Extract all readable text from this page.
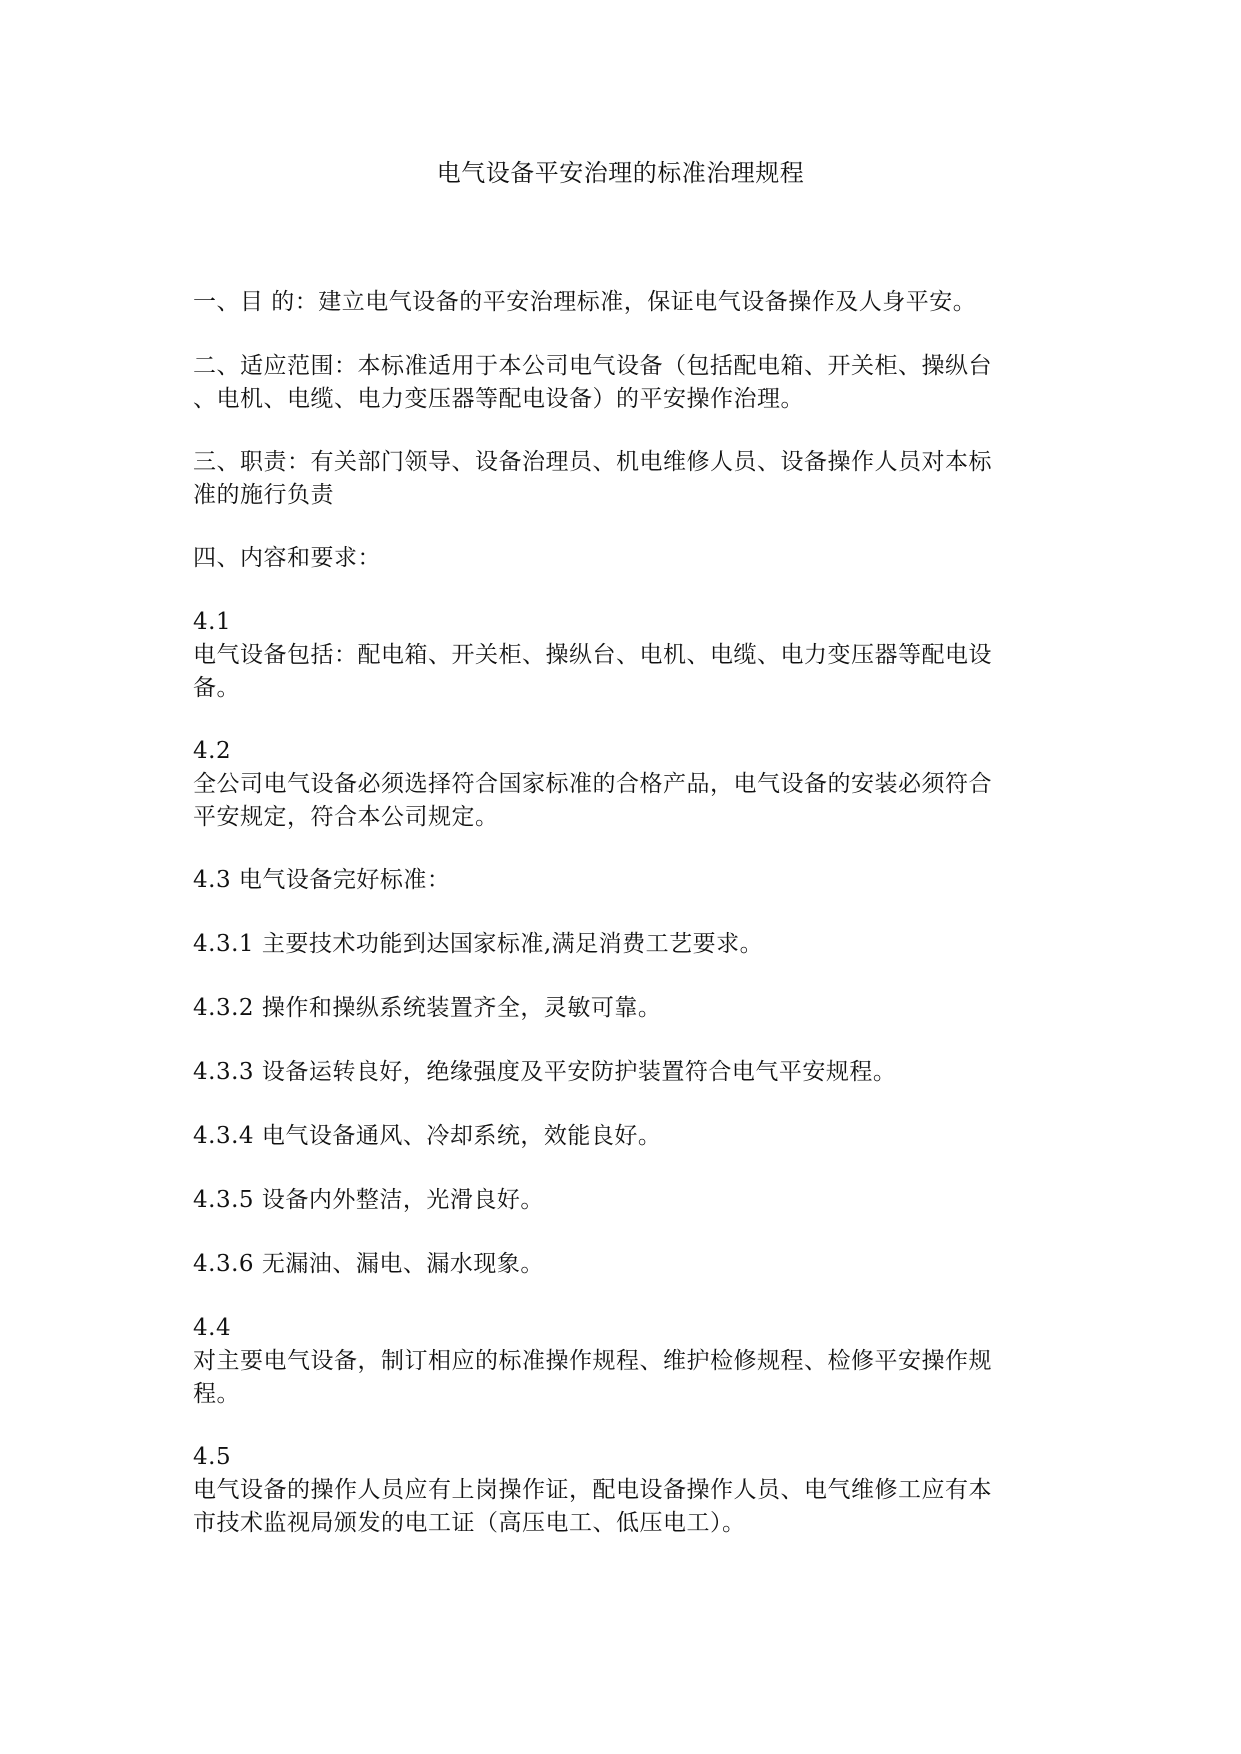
电气设备平安治理的标准治理规程
一、目 的：建立电气设备的平安治理标准，保证电气设备操作及人身平安。
二、适应范围：本标准适用于本公司电气设备（包括配电箱、开关柜、操纵台
、电机、电缆、电力变压器等配电设备）的平安操作治理。
三、职责：有关部门领导、设备治理员、机电维修人员、设备操作人员对本标
准的施行负责
四、内容和要求：
4.1
电气设备包括：配电箱、开关柜、操纵台、电机、电缆、电力变压器等配电设
备。
4.2
全公司电气设备必须选择符合国家标准的合格产品，电气设备的安装必须符合
平安规定，符合本公司规定。
4.3 电气设备完好标准：
4.3.1 主要技术功能到达国家标准,满足消费工艺要求。
4.3.2 操作和操纵系统装置齐全，灵敏可靠。
4.3.3 设备运转良好，绝缘强度及平安防护装置符合电气平安规程。
4.3.4 电气设备通风、冷却系统，效能良好。
4.3.5 设备内外整洁，光滑良好。
4.3.6 无漏油、漏电、漏水现象。
4.4
对主要电气设备，制订相应的标准操作规程、维护检修规程、检修平安操作规
程。
4.5
电气设备的操作人员应有上岗操作证，配电设备操作人员、电气维修工应有本
市技术监视局颁发的电工证（高压电工、低压电工）。
